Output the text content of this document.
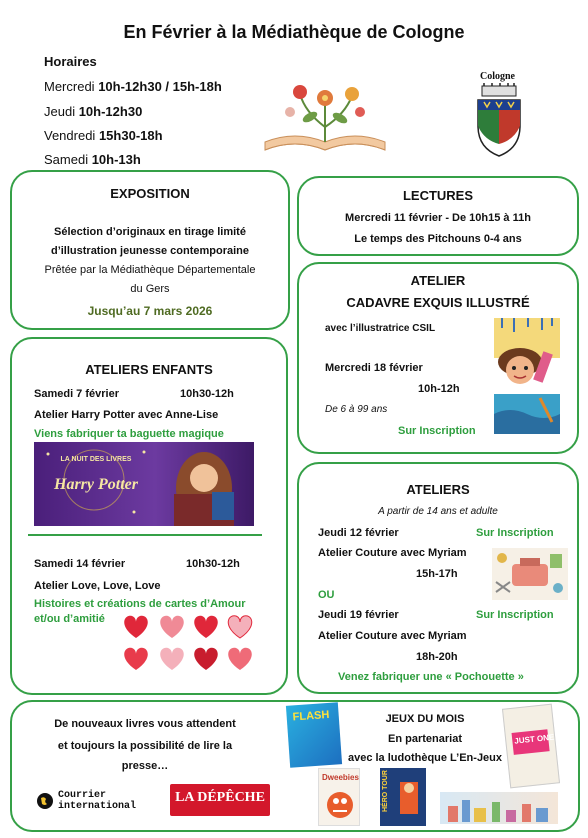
En Février à la Médiathèque de Cologne
Horaires
Mercredi 10h-12h30 / 15h-18h
Jeudi 10h-12h30
Vendredi 15h30-18h
Samedi 10h-13h
Cologne
EXPOSITION
Sélection d’originaux en tirage limité
d’illustration jeunesse contemporaine
Prêtée par la Médiathèque Départementale
du Gers
Jusqu’au 7 mars 2026
LECTURES
Mercredi 11 février - De 10h15 à 11h
Le temps des Pitchouns 0-4 ans
ATELIER
CADAVRE EXQUIS ILLUSTRÉ
avec l’illustratrice CSIL
Mercredi 18 février
10h-12h
De 6 à 99 ans
Sur Inscription
ATELIERS ENFANTS
Samedi 7 février	10h30-12h
Atelier Harry Potter avec Anne-Lise
Viens fabriquer ta baguette magique
LA NUIT DES LIVRES
Harry Potter
Samedi 14 février	10h30-12h
Atelier Love, Love, Love
Histoires et créations de cartes d’Amour
et/ou d’amitié
ATELIERS
A partir de 14 ans et adulte
Jeudi 12 février	Sur Inscription
Atelier Couture avec Myriam
15h-17h
OU
Jeudi 19 février	Sur Inscription
Atelier Couture avec Myriam
18h-20h
Venez fabriquer une « Pochouette »
De nouveaux livres vous attendent
et toujours la possibilité de lire la
presse…
Courrier international
LA DÉPÊCHE
FLASH
Dweebies	HÉRO TOUR
JUST ONE
JEUX DU MOIS
En partenariat
avec la ludothèque L’En-Jeux
